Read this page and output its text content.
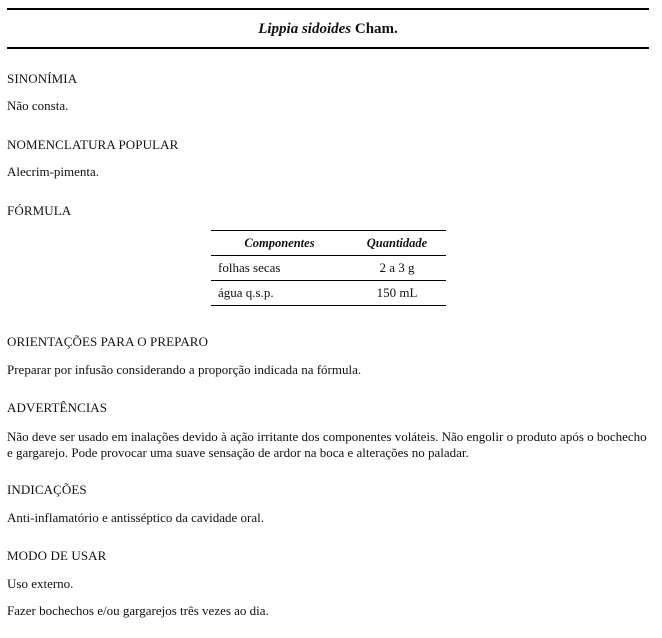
Lippia sidoides Cham.
SINONÍMIA
Não consta.
NOMENCLATURA POPULAR
Alecrim-pimenta.
FÓRMULA
Componentes	Quantidade
folhas secas	2 a 3 g
água q.s.p.	150 mL
ORIENTAÇÕES PARA O PREPARO
Preparar por infusão considerando a proporção indicada na fórmula.
ADVERTÊNCIAS
Não deve ser usado em inalações devido à ação irritante dos componentes voláteis. Não engolir o produto após o bochecho e gargarejo. Pode provocar uma suave sensação de ardor na boca e alterações no paladar.
INDICAÇÕES
Anti-inflamatório e antisséptico da cavidade oral.
MODO DE USAR
Uso externo.
Fazer bochechos e/ou gargarejos três vezes ao dia.
